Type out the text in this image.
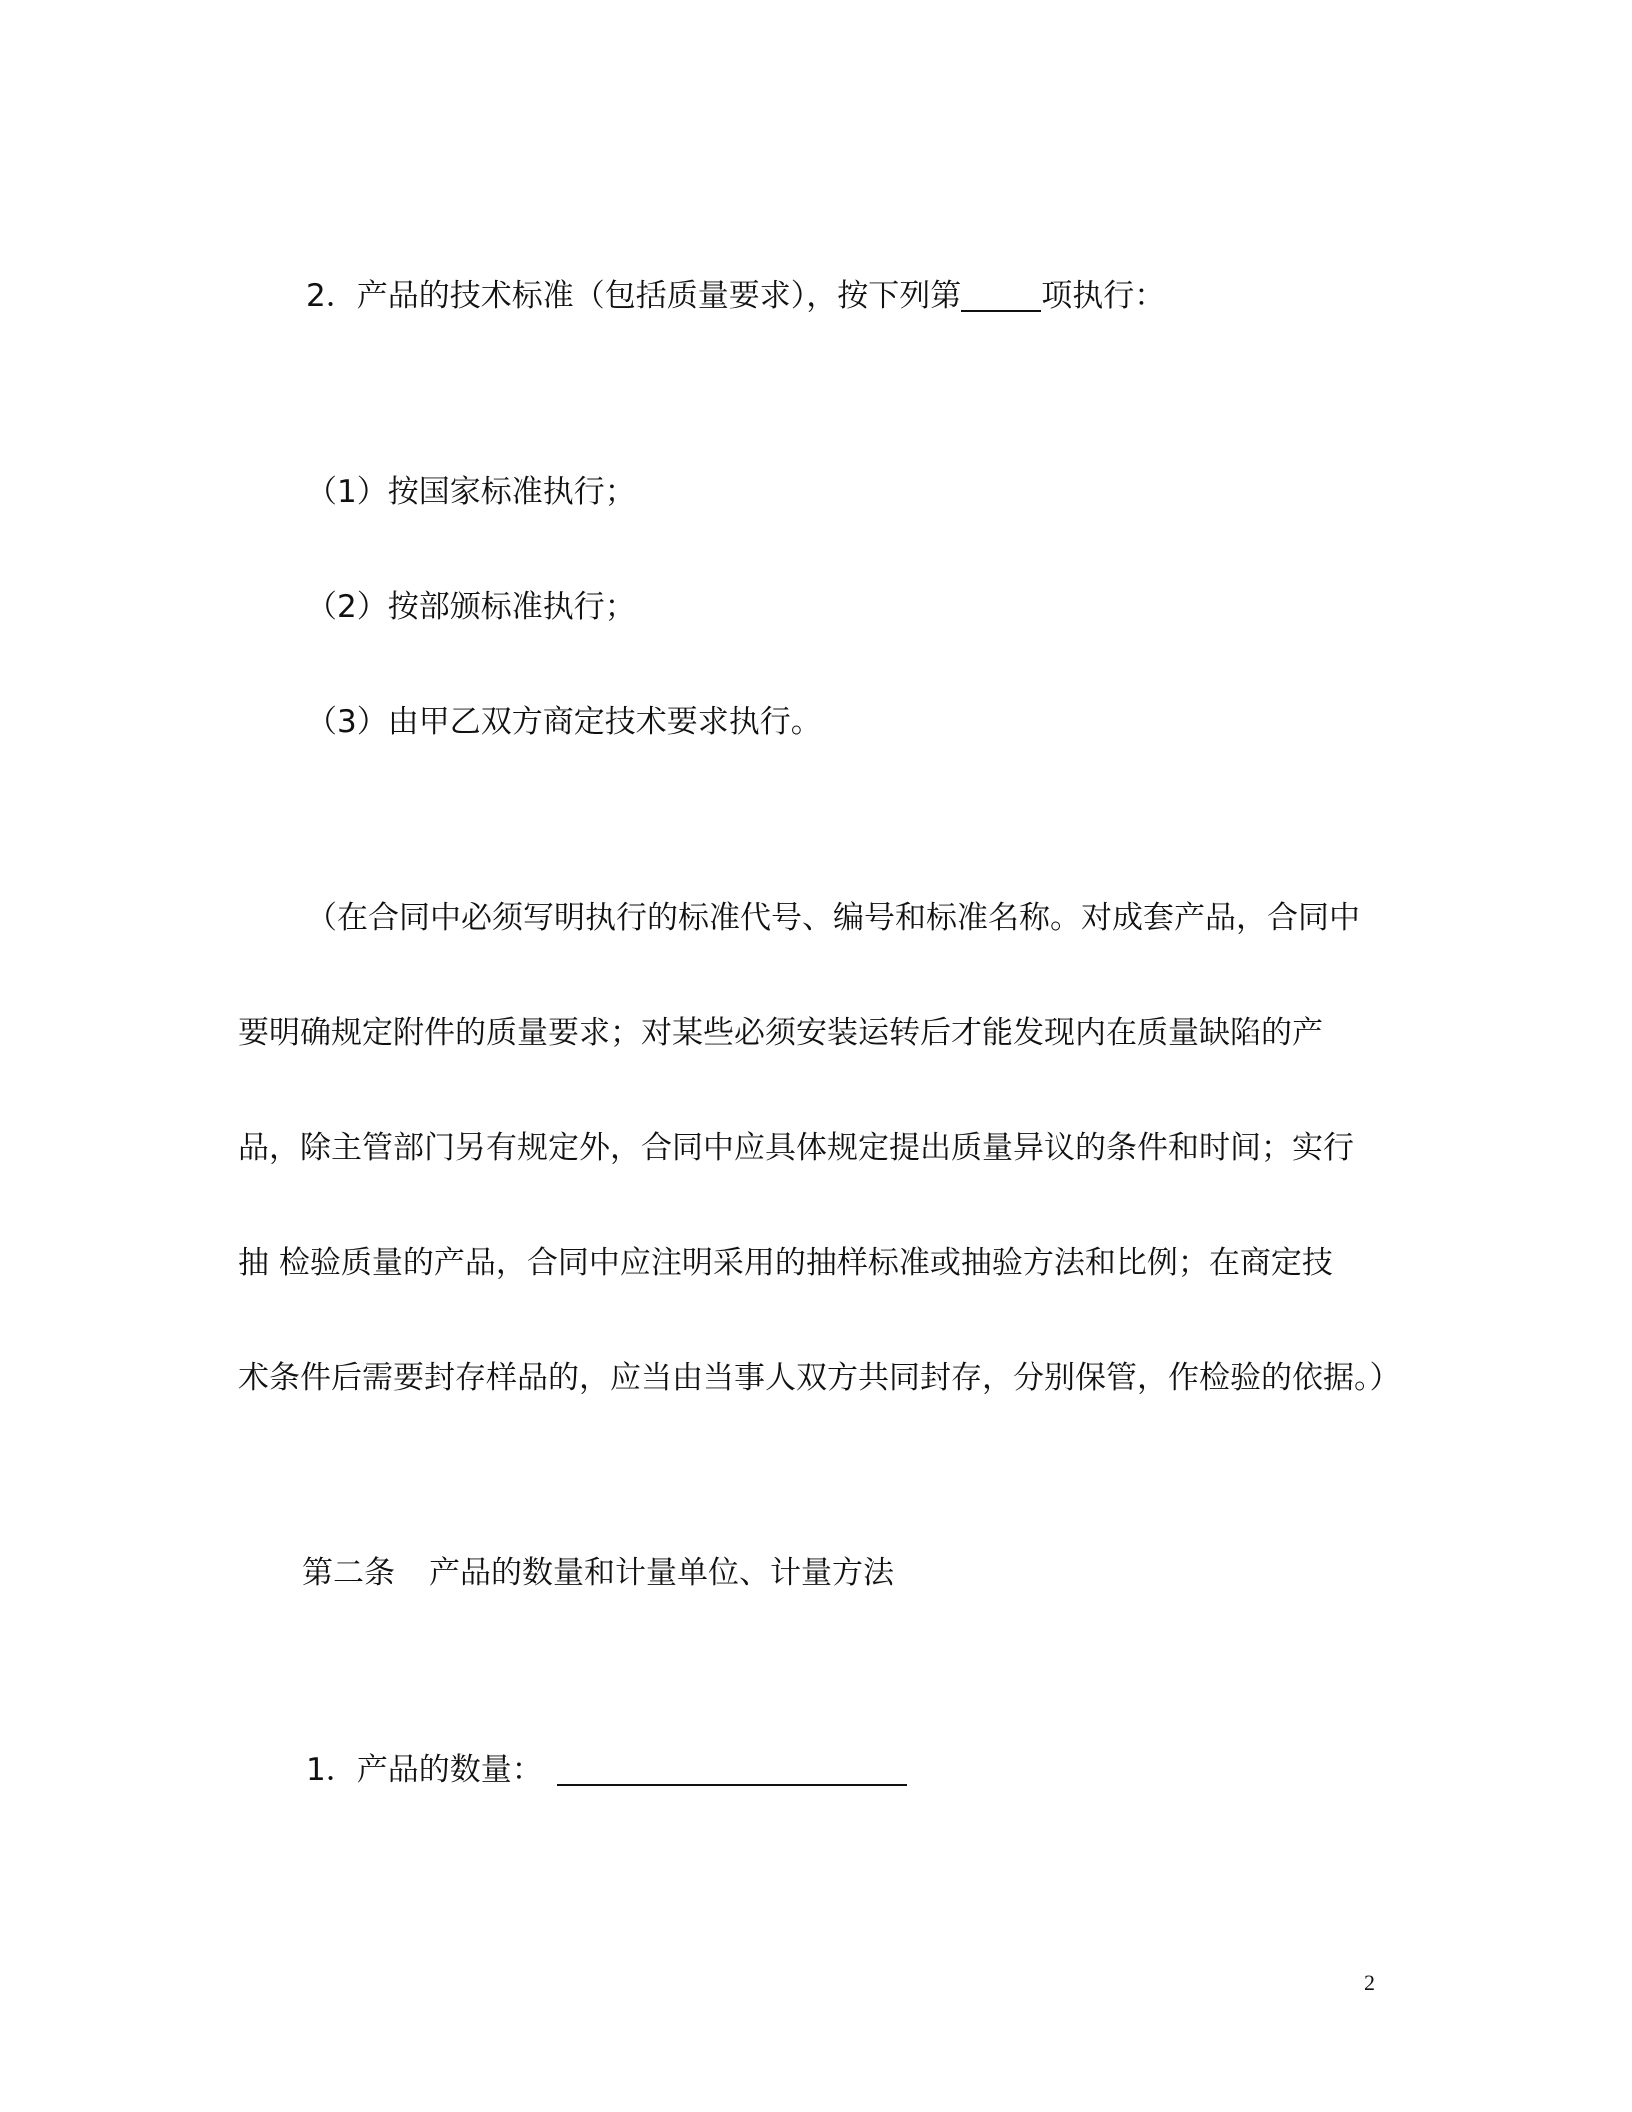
2．产品的技术标准（包括质量要求），按下列第	项执行：

（1）按国家标准执行；

（2）按部颁标准执行；

（3）由甲乙双方商定技术要求执行。

（在合同中必须写明执行的标准代号、编号和标准名称。对成套产品，合同中

要明确规定附件的质量要求；对某些必须安装运转后才能发现内在质量缺陷的产

品，除主管部门另有规定外，合同中应具体规定提出质量异议的条件和时间；实行

抽 检验质量的产品，合同中应注明采用的抽样标准或抽验方法和比例；在商定技

术条件后需要封存样品的，应当由当事人双方共同封存，分别保管，作检验的依据。）

第二条 产品的数量和计量单位、计量方法

1．产品的数量：

2
